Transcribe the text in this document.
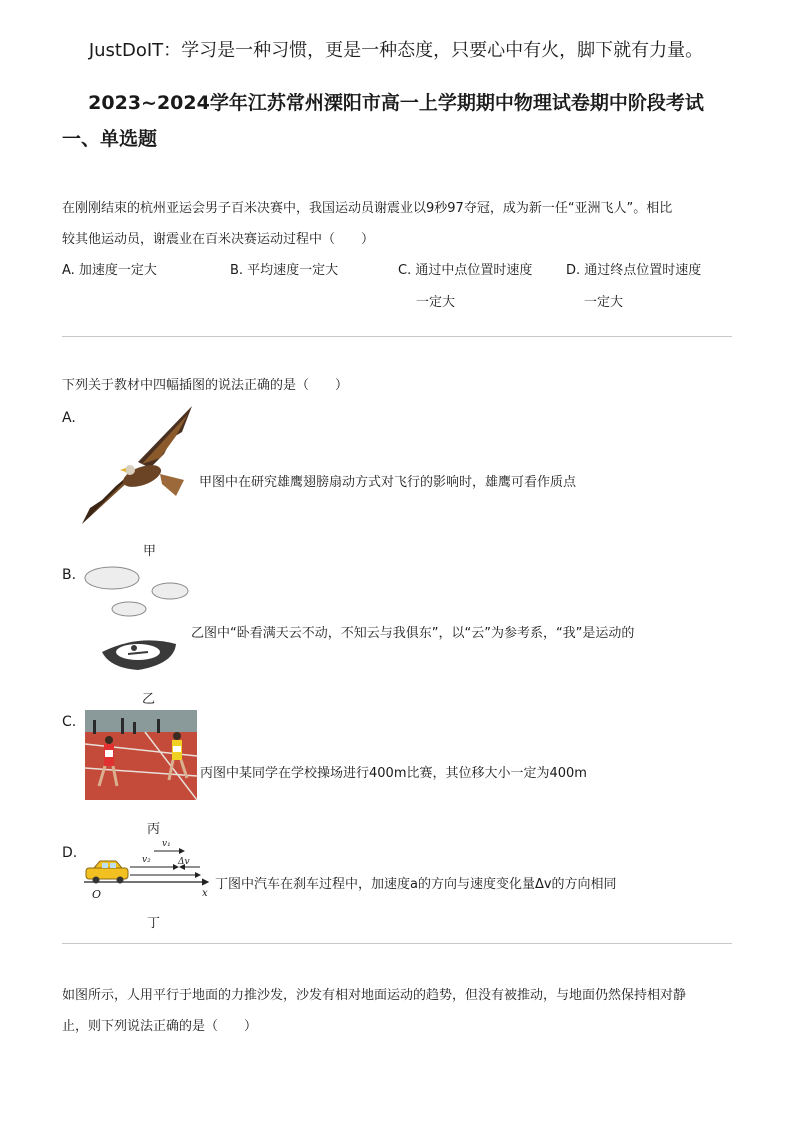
JustDoIT：学习是一种习惯，更是一种态度，只要心中有火，脚下就有力量。
2023~2024学年江苏常州溧阳市高一上学期期中物理试卷期中阶段考试
一、单选题
在刚刚结束的杭州亚运会男子百米决赛中，我国运动员谢震业以9秒97夺冠，成为新一任“亚洲飞人”。相比
较其他运动员，谢震业在百米决赛运动过程中（　　）
A. 加速度一定大	B. 平均速度一定大	C. 通过中点位置时速度
一定大
D. 通过终点位置时速度
一定大
下列关于教材中四幅插图的说法正确的是（　　）
A.
甲
甲图中在研究雄鹰翅膀扇动方式对飞行的影响时，雄鹰可看作质点
B.
乙
乙图中“卧看满天云不动，不知云与我俱东”，以“云”为参考系，“我”是运动的
C.
丙
丙图中某同学在学校操场进行400m比赛，其位移大小一定为400m
D.
v₁
v₂	Δv
O	x
丁
丁图中汽车在刹车过程中，加速度a的方向与速度变化量Δv的方向相同
如图所示，人用平行于地面的力推沙发，沙发有相对地面运动的趋势，但没有被推动，与地面仍然保持相对静
止，则下列说法正确的是（　　）
